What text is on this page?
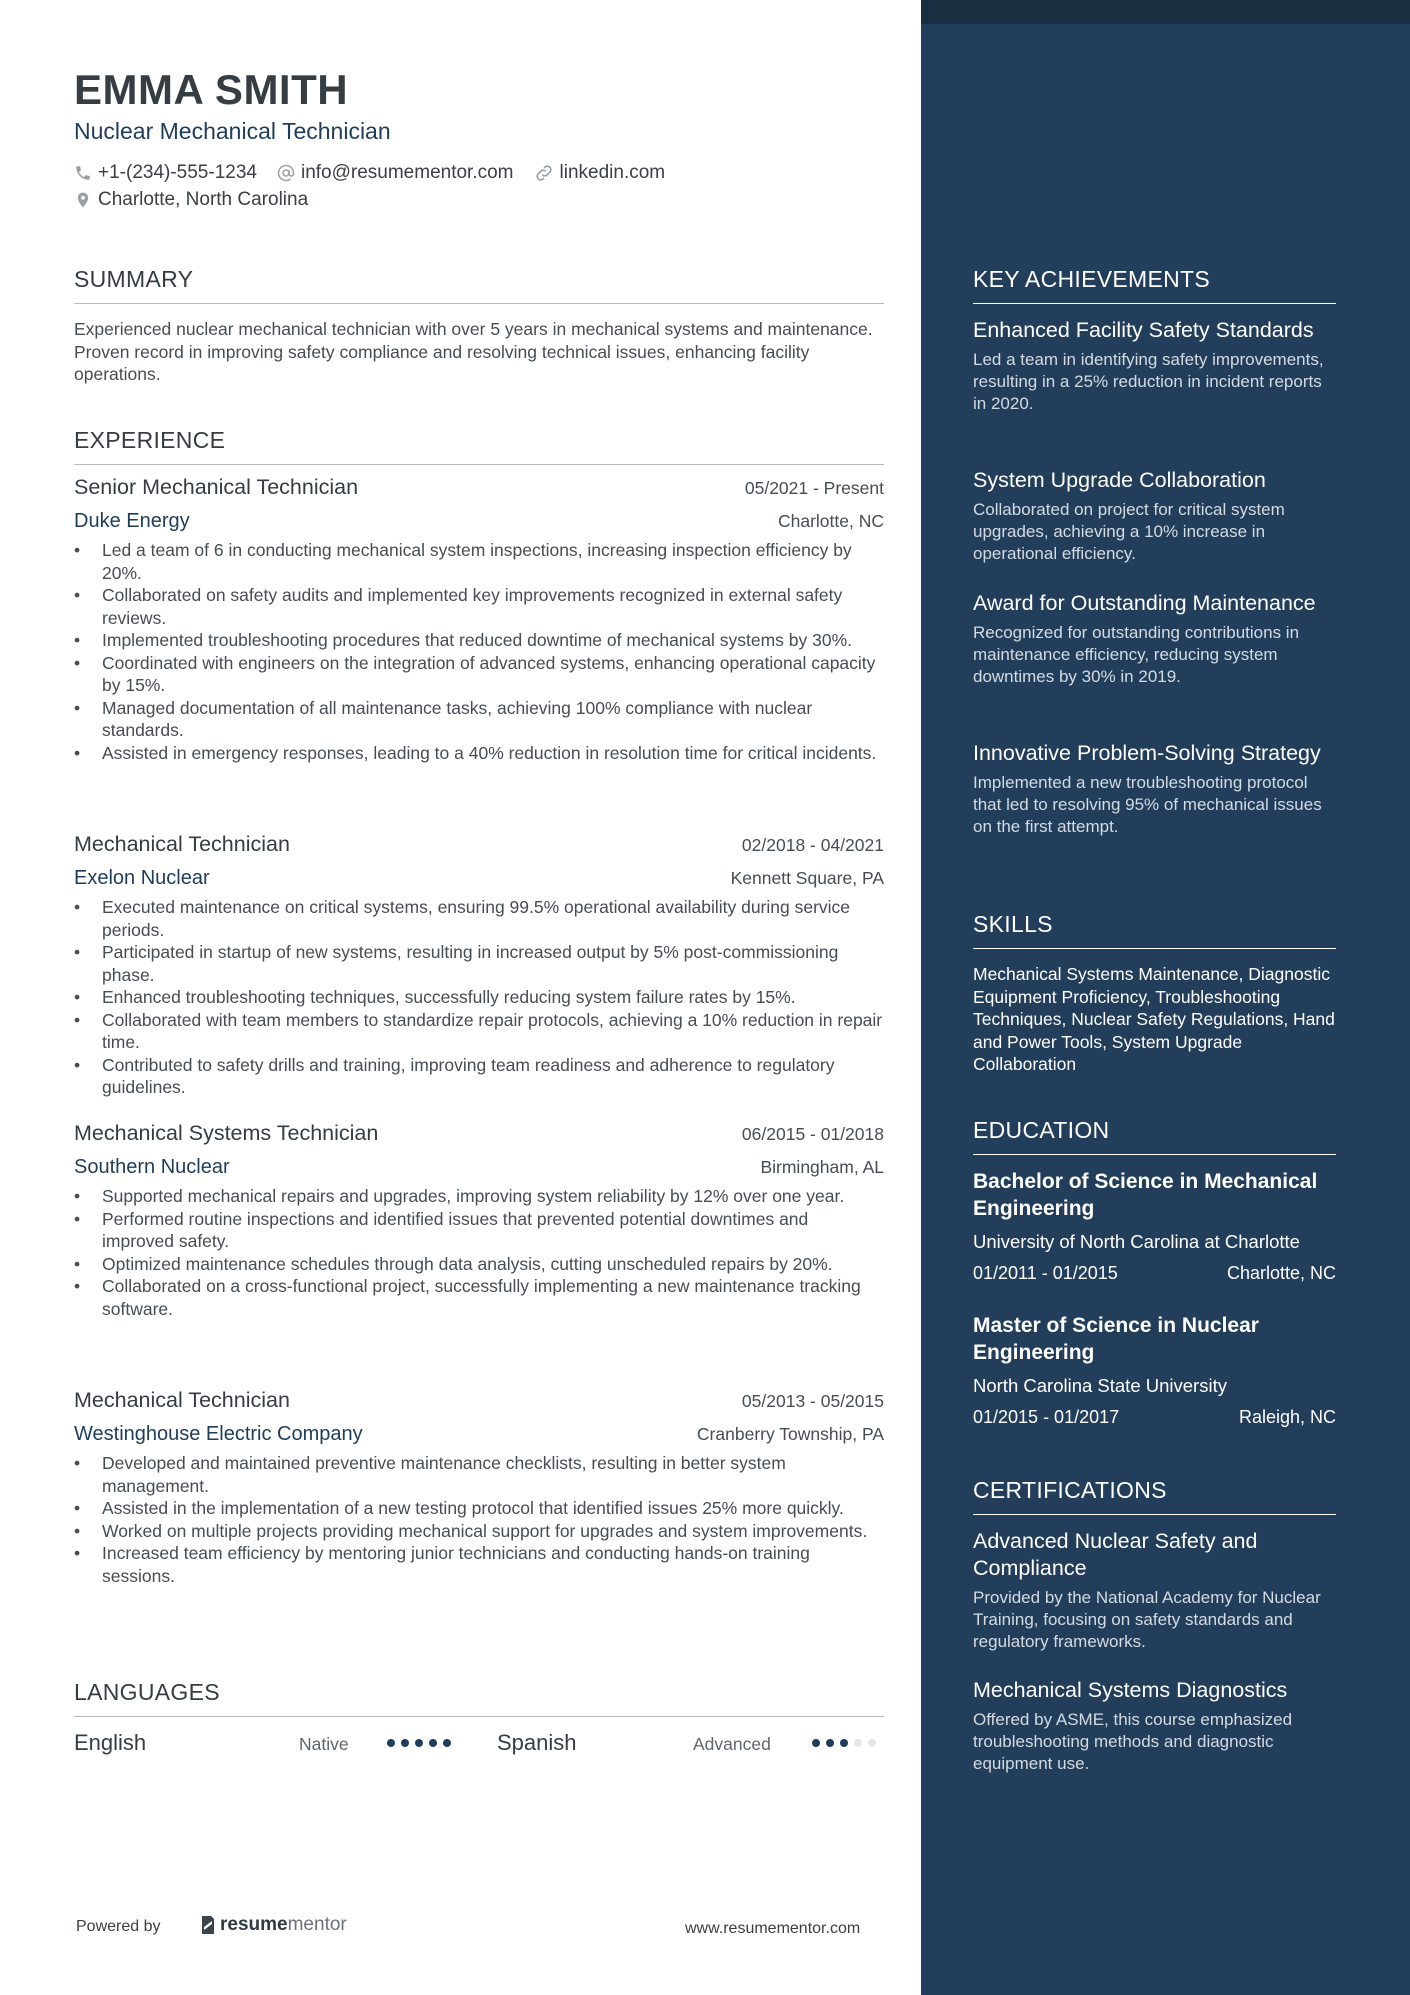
EMMA SMITH
Nuclear Mechanical Technician
+1-(234)-555-1234 info@resumementor.com linkedin.com
Charlotte, North Carolina
SUMMARY

Experienced nuclear mechanical technician with over 5 years in mechanical systems and maintenance. Proven record in improving safety compliance and resolving technical issues, enhancing facility operations.

EXPERIENCE
Senior Mechanical Technician	05/2021 - Present
Duke Energy	Charlotte, NC
• Led a team of 6 in conducting mechanical system inspections, increasing inspection efficiency by 20%.
• Collaborated on safety audits and implemented key improvements recognized in external safety reviews.
• Implemented troubleshooting procedures that reduced downtime of mechanical systems by 30%.
• Coordinated with engineers on the integration of advanced systems, enhancing operational capacity by 15%.
• Managed documentation of all maintenance tasks, achieving 100% compliance with nuclear standards.
• Assisted in emergency responses, leading to a 40% reduction in resolution time for critical incidents.
Mechanical Technician	02/2018 - 04/2021
Exelon Nuclear	Kennett Square, PA
• Executed maintenance on critical systems, ensuring 99.5% operational availability during service periods.
• Participated in startup of new systems, resulting in increased output by 5% post-commissioning phase.
• Enhanced troubleshooting techniques, successfully reducing system failure rates by 15%.
• Collaborated with team members to standardize repair protocols, achieving a 10% reduction in repair time.
• Contributed to safety drills and training, improving team readiness and adherence to regulatory guidelines.
Mechanical Systems Technician	06/2015 - 01/2018
Southern Nuclear	Birmingham, AL
• Supported mechanical repairs and upgrades, improving system reliability by 12% over one year.
• Performed routine inspections and identified issues that prevented potential downtimes and improved safety.
• Optimized maintenance schedules through data analysis, cutting unscheduled repairs by 20%.
• Collaborated on a cross-functional project, successfully implementing a new maintenance tracking software.
Mechanical Technician	05/2013 - 05/2015
Westinghouse Electric Company	Cranberry Township, PA
• Developed and maintained preventive maintenance checklists, resulting in better system management.
• Assisted in the implementation of a new testing protocol that identified issues 25% more quickly.
• Worked on multiple projects providing mechanical support for upgrades and system improvements.
• Increased team efficiency by mentoring junior technicians and conducting hands-on training sessions.
LANGUAGES
English	Native	Spanish	Advanced
Powered by	resume mentor	www.resumementor.com
KEY ACHIEVEMENTS
Enhanced Facility Safety Standards
Led a team in identifying safety improvements, resulting in a 25% reduction in incident reports in 2020.
System Upgrade Collaboration
Collaborated on project for critical system upgrades, achieving a 10% increase in operational efficiency.
Award for Outstanding Maintenance
Recognized for outstanding contributions in maintenance efficiency, reducing system downtimes by 30% in 2019.
Innovative Problem-Solving Strategy
Implemented a new troubleshooting protocol that led to resolving 95% of mechanical issues on the first attempt.
SKILLS
Mechanical Systems Maintenance, Diagnostic Equipment Proficiency, Troubleshooting Techniques, Nuclear Safety Regulations, Hand and Power Tools, System Upgrade Collaboration
EDUCATION
Bachelor of Science in Mechanical Engineering
University of North Carolina at Charlotte
01/2011 - 01/2015	Charlotte, NC
Master of Science in Nuclear Engineering
North Carolina State University
01/2015 - 01/2017	Raleigh, NC
CERTIFICATIONS
Advanced Nuclear Safety and Compliance
Provided by the National Academy for Nuclear Training, focusing on safety standards and regulatory frameworks.
Mechanical Systems Diagnostics
Offered by ASME, this course emphasized troubleshooting methods and diagnostic equipment use.
